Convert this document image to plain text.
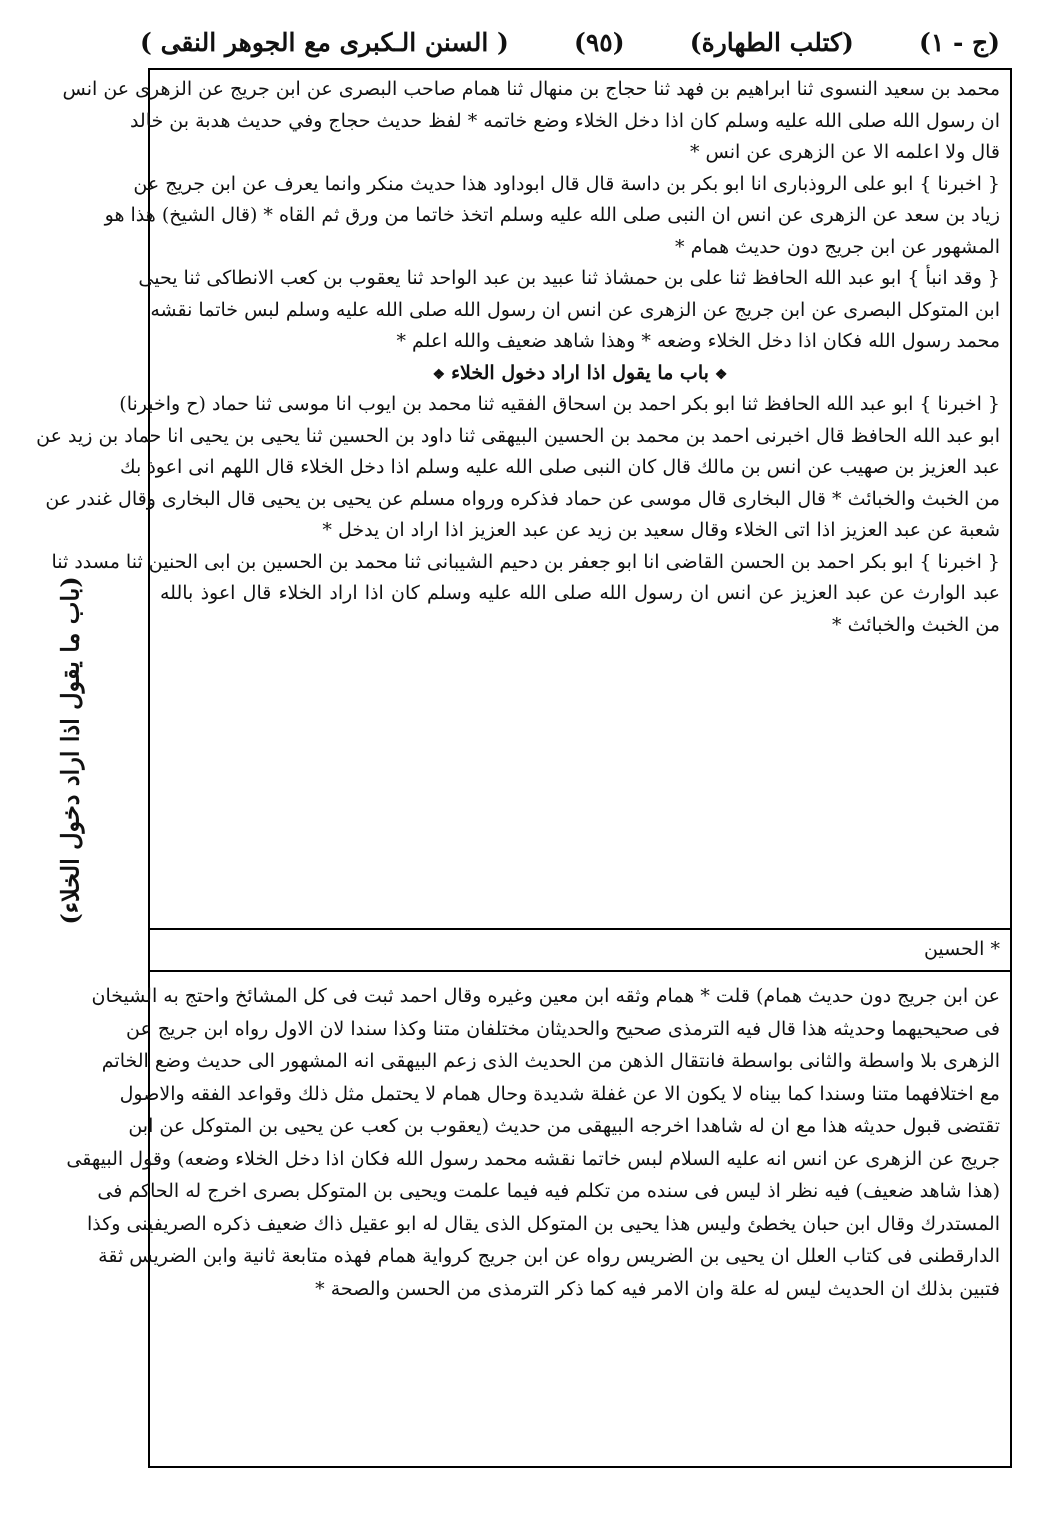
( السنن الـكبرى مع الجوهر النقى )	(٩٥)	(كتلب الطهارة)	(ج - ١)
(باب ما يقول اذا اراد دخول الخلاء)
محمد بن سعيد النسوى ثنا ابراهيم بن فهد ثنا حجاج بن منهال ثنا همام صاحب البصرى عن ابن جريج عن الزهرى عن انس
ان رسول الله صلى الله عليه وسلم كان اذا دخل الخلاء وضع خاتمه * لفظ حديث حجاج وفي حديث هدبة بن خالد
قال ولا اعلمه الا عن الزهرى عن انس *
{ اخبرنا } ابو على الروذبارى انا ابو بكر بن داسة قال قال ابوداود هذا حديث منكر وانما يعرف عن ابن جريج عن
زياد بن سعد عن الزهرى عن انس ان النبى صلى الله عليه وسلم اتخذ خاتما من ورق ثم القاه * (قال الشيخ) هذا هو
المشهور عن ابن جريج دون حديث همام *
{ وقد انبأ } ابو عبد الله الحافظ ثنا على بن حمشاذ ثنا عبيد بن عبد الواحد ثنا يعقوب بن كعب الانطاكى ثنا يحيى
ابن المتوكل البصرى عن ابن جريج عن الزهرى عن انس ان رسول الله صلى الله عليه وسلم لبس خاتما نقشه
محمد رسول الله فكان اذا دخل الخلاء وضعه * وهذا شاهد ضعيف والله اعلم *
❖باب ما يقول اذا اراد دخول الخلاء❖
{ اخبرنا } ابو عبد الله الحافظ ثنا ابو بكر احمد بن اسحاق الفقيه ثنا محمد بن ايوب انا موسى ثنا حماد (ح واخبرنا)
ابو عبد الله الحافظ قال اخبرنى احمد بن محمد بن الحسين البيهقى ثنا داود بن الحسين ثنا يحيى بن يحيى انا حماد بن زيد عن
عبد العزيز بن صهيب عن انس بن مالك قال كان النبى صلى الله عليه وسلم اذا دخل الخلاء قال اللهم انى اعوذ بك
من الخبث والخبائث * قال البخارى قال موسى عن حماد فذكره ورواه مسلم عن يحيى بن يحيى قال البخارى وقال غندر عن
شعبة عن عبد العزيز اذا اتى الخلاء وقال سعيد بن زيد عن عبد العزيز اذا اراد ان يدخل *
{ اخبرنا } ابو بكر احمد بن الحسن القاضى انا ابو جعفر بن دحيم الشيبانى ثنا محمد بن الحسين بن ابى الحنين ثنا مسدد ثنا
عبد الوارث عن عبد العزيز عن انس ان رسول الله صلى الله عليه وسلم كان اذا اراد الخلاء قال اعوذ بالله
من الخبث والخبائث *
* الحسين
عن ابن جريج دون حديث همام) قلت * همام وثقه ابن معين وغيره وقال احمد ثبت فى كل المشائخ واحتج به الشيخان
فى صحيحيهما وحديثه هذا قال فيه الترمذى صحيح والحديثان مختلفان متنا وكذا سندا لان الاول رواه ابن جريج عن
الزهرى بلا واسطة والثانى بواسطة فانتقال الذهن من الحديث الذى زعم البيهقى انه المشهور الى حديث وضع الخاتم
مع اختلافهما متنا وسندا كما بيناه لا يكون الا عن غفلة شديدة وحال همام لا يحتمل مثل ذلك وقواعد الفقه والاصول
تقتضى قبول حديثه هذا مع ان له شاهدا اخرجه البيهقى من حديث (يعقوب بن كعب عن يحيى بن المتوكل عن ابن
جريج عن الزهرى عن انس انه عليه السلام لبس خاتما نقشه محمد رسول الله فكان اذا دخل الخلاء وضعه) وقول البيهقى
(هذا شاهد ضعيف) فيه نظر اذ ليس فى سنده من تكلم فيه فيما علمت ويحيى بن المتوكل بصرى اخرج له الحاكم فى
المستدرك وقال ابن حبان يخطئ وليس هذا يحيى بن المتوكل الذى يقال له ابو عقيل ذاك ضعيف ذكره الصريفينى وكذا
الدارقطنى فى كتاب العلل ان يحيى بن الضريس رواه عن ابن جريج كرواية همام فهذه متابعة ثانية وابن الضريس ثقة
فتبين بذلك ان الحديث ليس له علة وان الامر فيه كما ذكر الترمذى من الحسن والصحة *
